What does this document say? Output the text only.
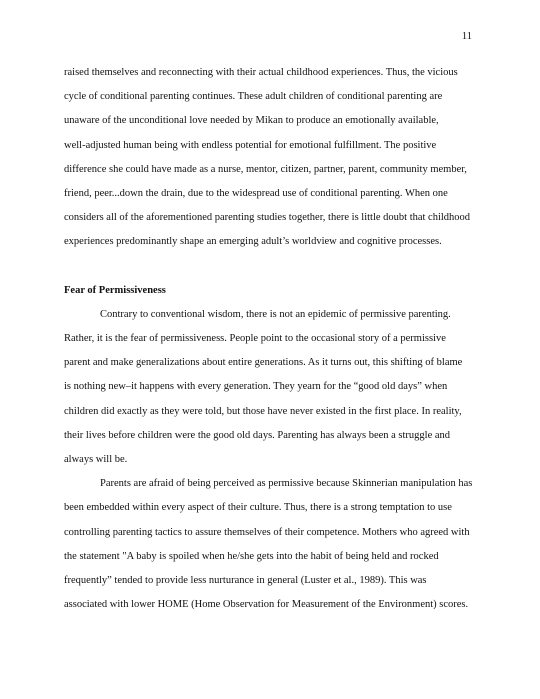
11
raised themselves and reconnecting with their actual childhood experiences. Thus, the vicious
cycle of conditional parenting continues. These adult children of conditional parenting are
unaware of the unconditional love needed by Mikan to produce an emotionally available,
well-adjusted human being with endless potential for emotional fulfillment. The positive
difference she could have made as a nurse, mentor, citizen, partner, parent, community member,
friend, peer...down the drain, due to the widespread use of conditional parenting. When one
considers all of the aforementioned parenting studies together, there is little doubt that childhood
experiences predominantly shape an emerging adult’s worldview and cognitive processes.
Fear of Permissiveness
Contrary to conventional wisdom, there is not an epidemic of permissive parenting.
Rather, it is the fear of permissiveness. People point to the occasional story of a permissive
parent and make generalizations about entire generations. As it turns out, this shifting of blame
is nothing new–it happens with every generation. They yearn for the “good old days” when
children did exactly as they were told, but those have never existed in the first place. In reality,
their lives before children were the good old days. Parenting has always been a struggle and
always will be.
Parents are afraid of being perceived as permissive because Skinnerian manipulation has
been embedded within every aspect of their culture. Thus, there is a strong temptation to use
controlling parenting tactics to assure themselves of their competence. Mothers who agreed with
the statement "A baby is spoiled when he/she gets into the habit of being held and rocked
frequently” tended to provide less nurturance in general (Luster et al., 1989). This was
associated with lower HOME (Home Observation for Measurement of the Environment) scores.
